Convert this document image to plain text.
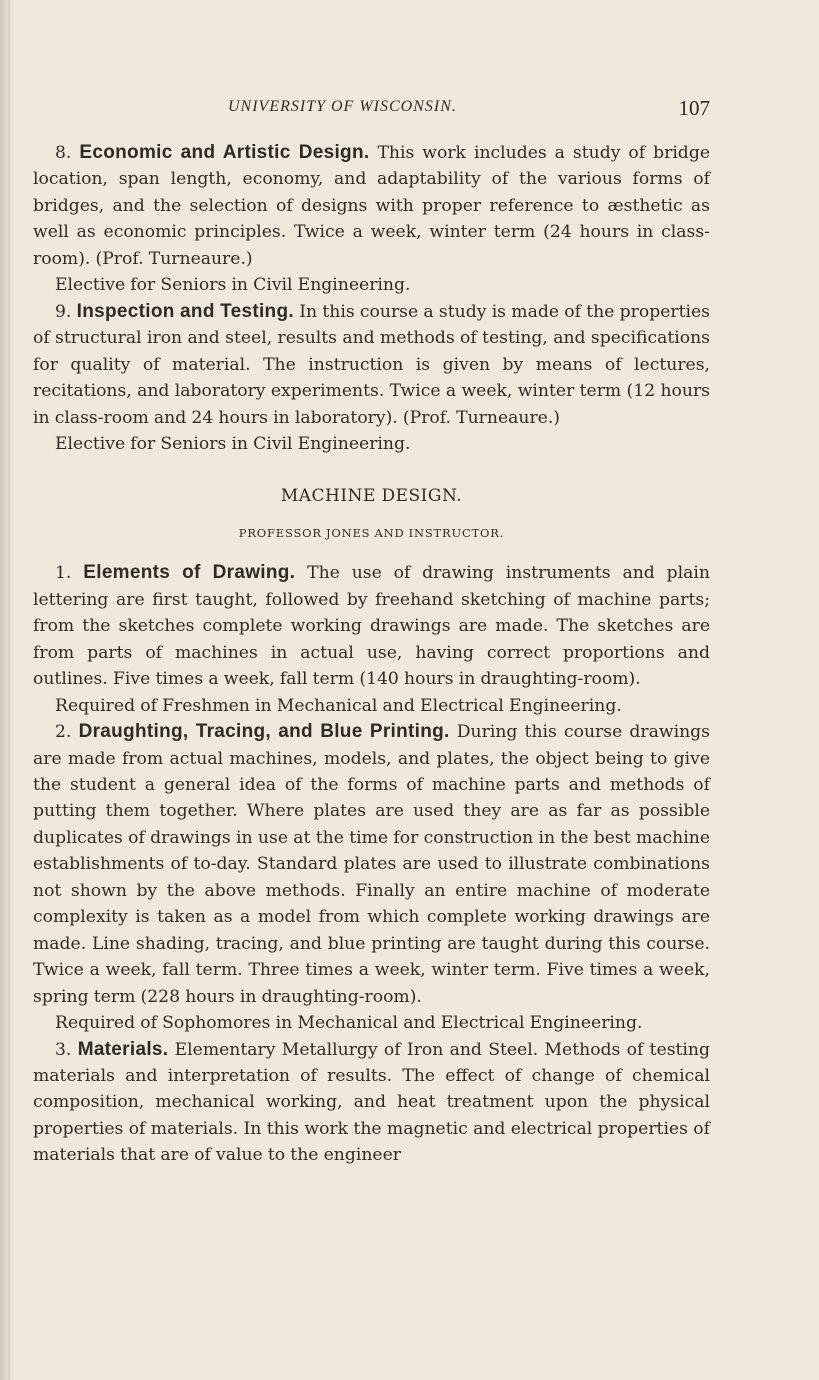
UNIVERSITY OF WISCONSIN.	107

8. Economic and Artistic Design. This work includes a study of bridge location, span length, economy, and adaptability of the various forms of bridges, and the selection of designs with proper reference to æsthetic as well as economic principles. Twice a week, winter term (24 hours in class-room). (Prof. Turneaure.)

Elective for Seniors in Civil Engineering.

9. Inspection and Testing. In this course a study is made of the properties of structural iron and steel, results and methods of testing, and specifications for quality of material. The instruction is given by means of lectures, recitations, and laboratory experiments. Twice a week, winter term (12 hours in class-room and 24 hours in laboratory). (Prof. Turneaure.)

Elective for Seniors in Civil Engineering.

MACHINE DESIGN.

PROFESSOR JONES AND INSTRUCTOR.

1. Elements of Drawing. The use of drawing instruments and plain lettering are first taught, followed by freehand sketching of machine parts; from the sketches complete working drawings are made. The sketches are from parts of machines in actual use, having correct proportions and outlines. Five times a week, fall term (140 hours in draughting-room).

Required of Freshmen in Mechanical and Electrical Engineering.

2. Draughting, Tracing, and Blue Printing. During this course drawings are made from actual machines, models, and plates, the object being to give the student a general idea of the forms of machine parts and methods of putting them together. Where plates are used they are as far as possible duplicates of drawings in use at the time for construction in the best machine establishments of to-day. Standard plates are used to illustrate combinations not shown by the above methods. Finally an entire machine of moderate complexity is taken as a model from which complete working drawings are made. Line shading, tracing, and blue printing are taught during this course. Twice a week, fall term. Three times a week, winter term. Five times a week, spring term (228 hours in draughting-room).

Required of Sophomores in Mechanical and Electrical Engineering.

3. Materials. Elementary Metallurgy of Iron and Steel. Methods of testing materials and interpretation of results. The effect of change of chemical composition, mechanical working, and heat treatment upon the physical properties of materials. In this work the magnetic and electrical properties of materials that are of value to the engineer
